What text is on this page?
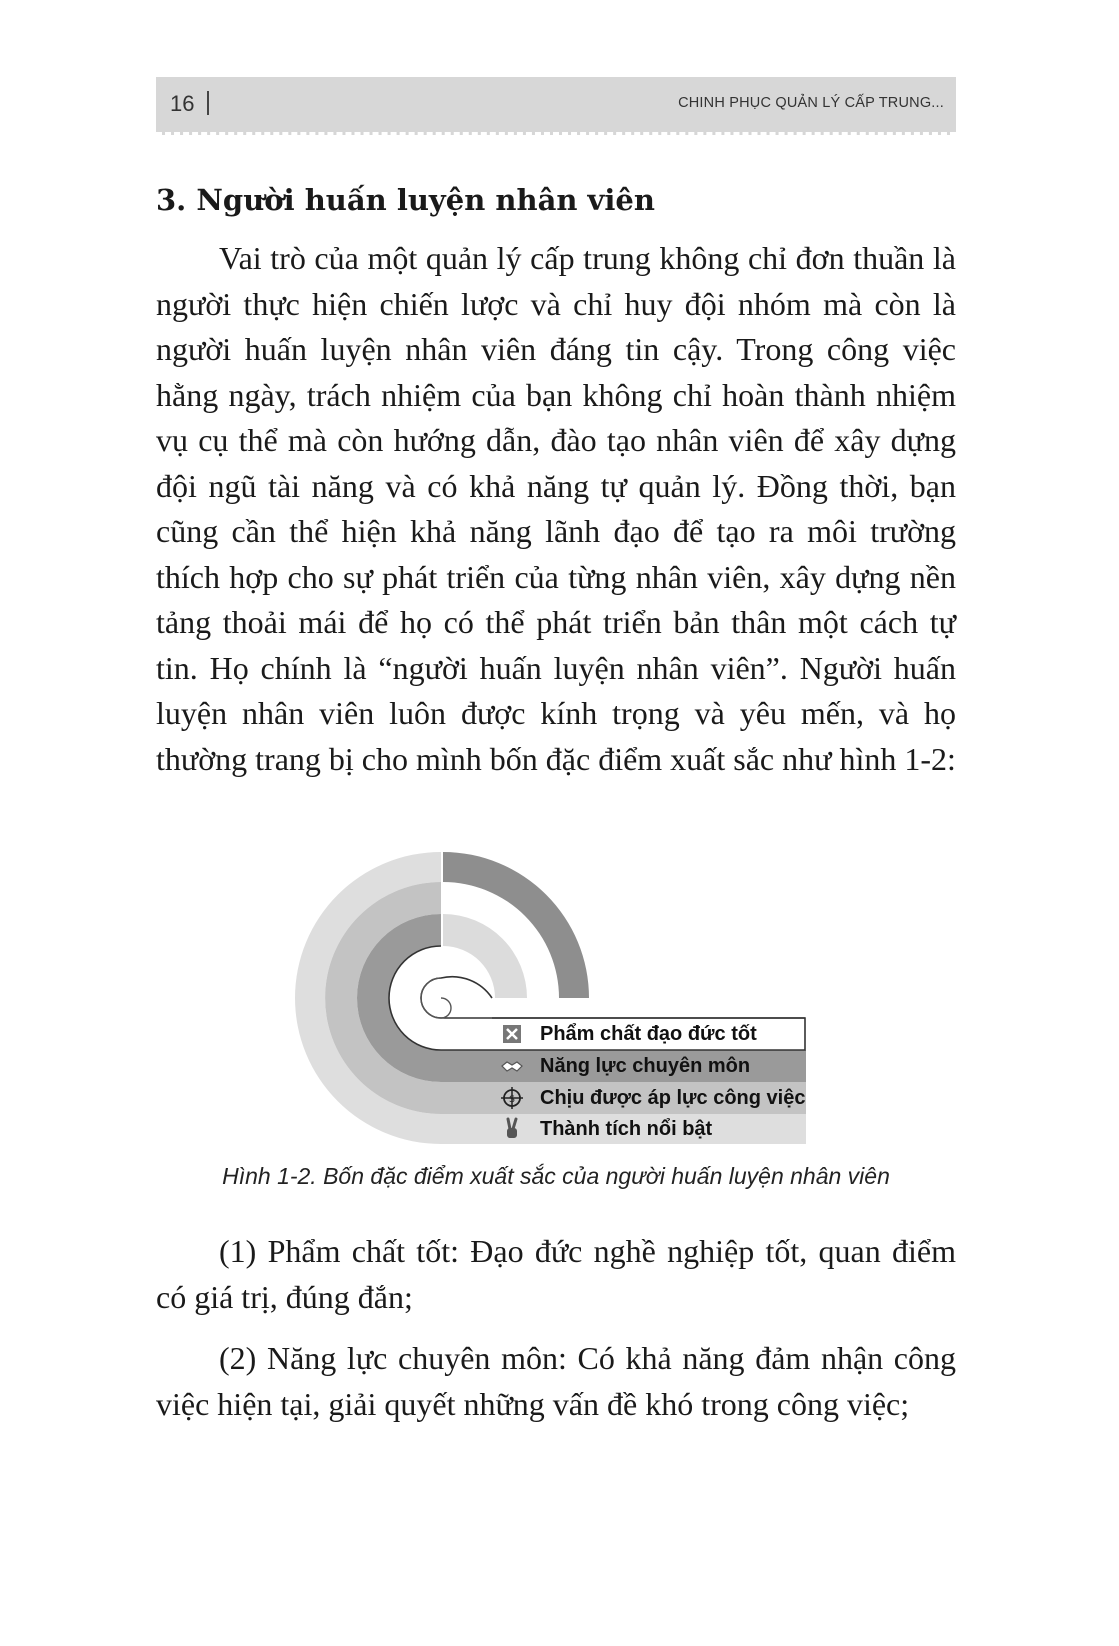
16	CHINH PHỤC QUẢN LÝ CẤP TRUNG...
3. Người huấn luyện nhân viên

Vai trò của một quản lý cấp trung không chỉ đơn thuần là người thực hiện chiến lược và chỉ huy đội nhóm mà còn là người huấn luyện nhân viên đáng tin cậy. Trong công việc hằng ngày, trách nhiệm của bạn không chỉ hoàn thành nhiệm vụ cụ thể mà còn hướng dẫn, đào tạo nhân viên để xây dựng đội ngũ tài năng và có khả năng tự quản lý. Đồng thời, bạn cũng cần thể hiện khả năng lãnh đạo để tạo ra môi trường thích hợp cho sự phát triển của từng nhân viên, xây dựng nền tảng thoải mái để họ có thể phát triển bản thân một cách tự tin. Họ chính là “người huấn luyện nhân viên”. Người huấn luyện nhân viên luôn được kính trọng và yêu mến, và họ thường trang bị cho mình bốn đặc điểm xuất sắc như hình 1-2:

Phẩm chất đạo đức tốt
Năng lực chuyên môn
$ Chịu được áp lực công việc
Thành tích nổi bật

Hình 1-2. Bốn đặc điểm xuất sắc của người huấn luyện nhân viên

(1) Phẩm chất tốt: Đạo đức nghề nghiệp tốt, quan điểm có giá trị, đúng đắn;

(2) Năng lực chuyên môn: Có khả năng đảm nhận công việc hiện tại, giải quyết những vấn đề khó trong công việc;
